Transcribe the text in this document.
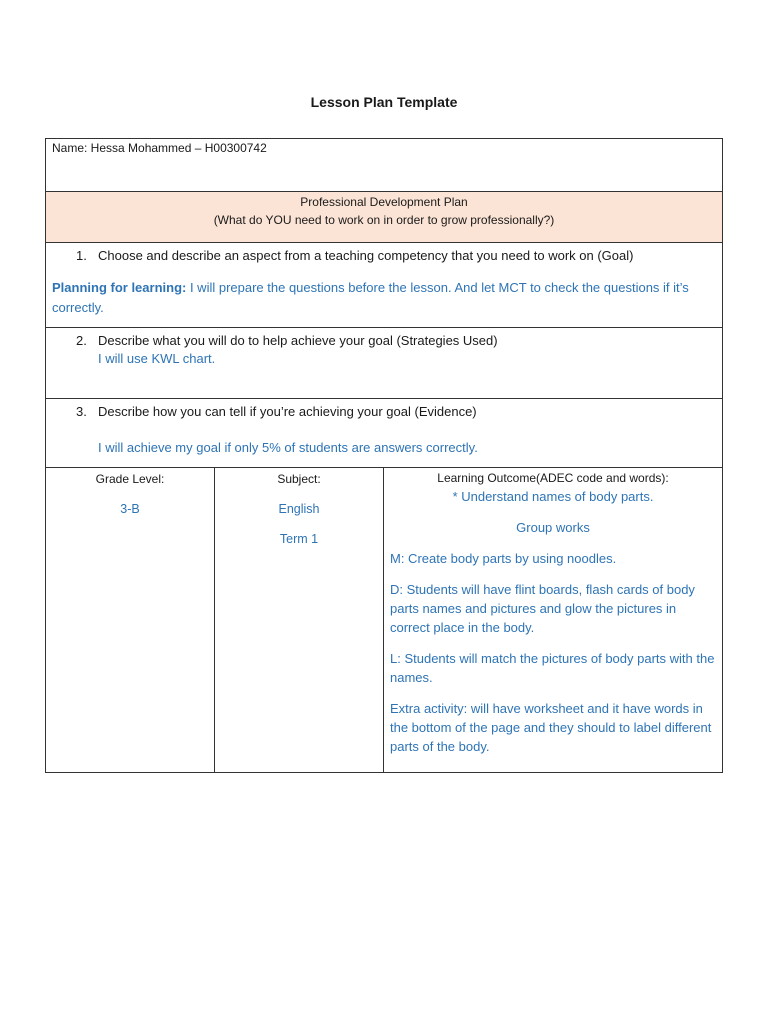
Lesson Plan Template
Name: Hessa Mohammed – H00300742

Professional Development Plan
(What do YOU need to work on in order to grow professionally?)

1. Choose and describe an aspect from a teaching competency that you need to work on (Goal)
Planning for learning: I will prepare the questions before the lesson. And let MCT to check the questions if it’s correctly.

2. Describe what you will do to help achieve your goal (Strategies Used)
I will use KWL chart.

3. Describe how you can tell if you’re achieving your goal (Evidence)
I will achieve my goal if only 5% of students are answers correctly.

Grade Level:
3-B

Subject:
English
Term 1

Learning Outcome(ADEC code and words):

* Understand names of body parts.

Group works

M: Create body parts by using noodles.

D: Students will have flint boards, flash cards of body parts names and pictures and glow the pictures in correct place in the body.

L: Students will match the pictures of body parts with the names.

Extra activity: will have worksheet and it have words in the bottom of the page and they should to label different parts of the body.
